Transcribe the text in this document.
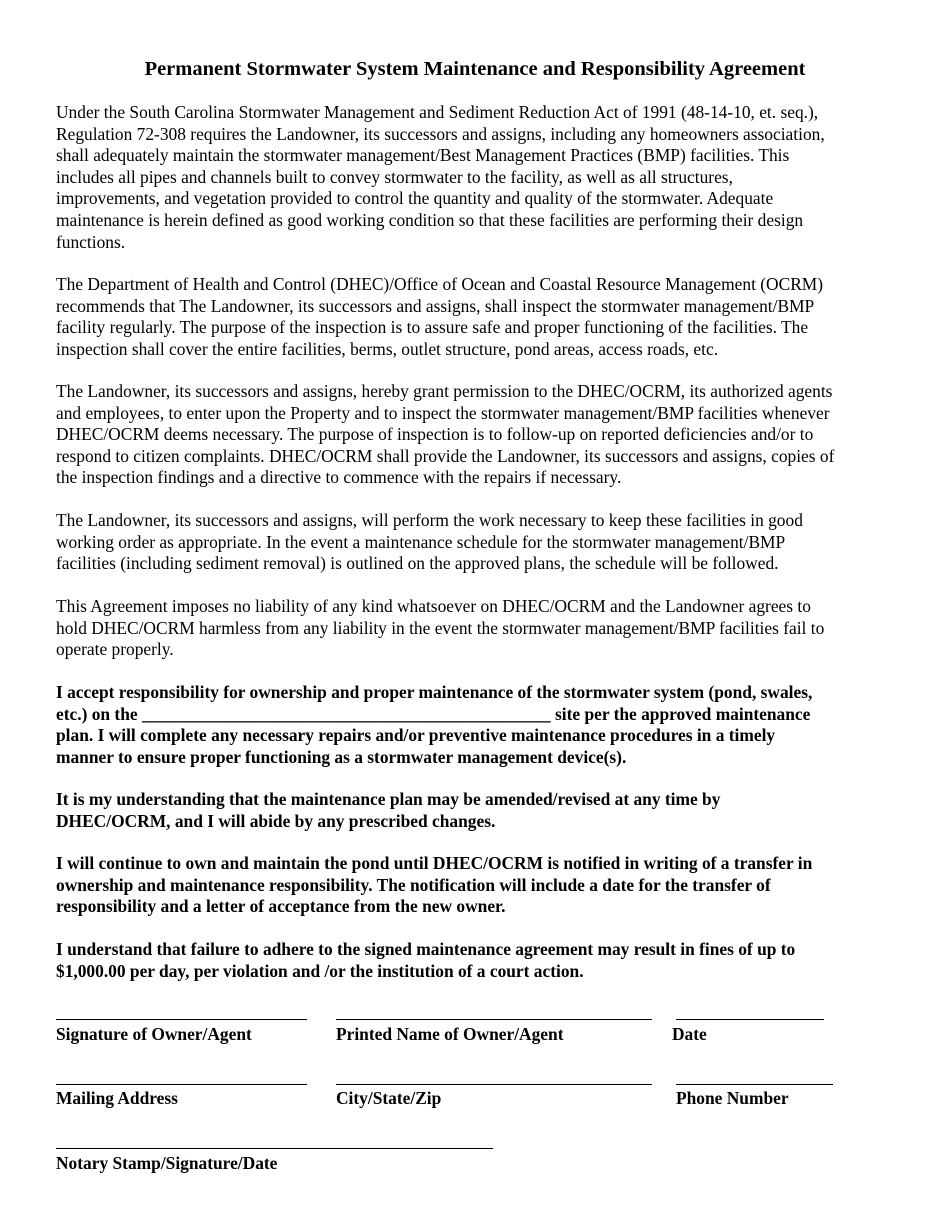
Permanent Stormwater System Maintenance and Responsibility Agreement

Under the South Carolina Stormwater Management and Sediment Reduction Act of 1991 (48-14-10, et. seq.),
Regulation 72-308 requires the Landowner, its successors and assigns, including any homeowners association,
shall adequately maintain the stormwater management/Best Management Practices (BMP) facilities. This
includes all pipes and channels built to convey stormwater to the facility, as well as all structures,
improvements, and vegetation provided to control the quantity and quality of the stormwater. Adequate
maintenance is herein defined as good working condition so that these facilities are performing their design
functions.

The Department of Health and Control (DHEC)/Office of Ocean and Coastal Resource Management (OCRM)
recommends that The Landowner, its successors and assigns, shall inspect the stormwater management/BMP
facility regularly. The purpose of the inspection is to assure safe and proper functioning of the facilities. The
inspection shall cover the entire facilities, berms, outlet structure, pond areas, access roads, etc.

The Landowner, its successors and assigns, hereby grant permission to the DHEC/OCRM, its authorized agents
and employees, to enter upon the Property and to inspect the stormwater management/BMP facilities whenever
DHEC/OCRM deems necessary. The purpose of inspection is to follow-up on reported deficiencies and/or to
respond to citizen complaints. DHEC/OCRM shall provide the Landowner, its successors and assigns, copies of
the inspection findings and a directive to commence with the repairs if necessary.

The Landowner, its successors and assigns, will perform the work necessary to keep these facilities in good
working order as appropriate. In the event a maintenance schedule for the stormwater management/BMP
facilities (including sediment removal) is outlined on the approved plans, the schedule will be followed.

This Agreement imposes no liability of any kind whatsoever on DHEC/OCRM and the Landowner agrees to
hold DHEC/OCRM harmless from any liability in the event the stormwater management/BMP facilities fail to
operate properly.

I accept responsibility for ownership and proper maintenance of the stormwater system (pond, swales,
etc.) on the _______________________________________________ site per the approved maintenance
plan. I will complete any necessary repairs and/or preventive maintenance procedures in a timely
manner to ensure proper functioning as a stormwater management device(s).

It is my understanding that the maintenance plan may be amended/revised at any time by
DHEC/OCRM, and I will abide by any prescribed changes.

I will continue to own and maintain the pond until DHEC/OCRM is notified in writing of a transfer in
ownership and maintenance responsibility. The notification will include a date for the transfer of
responsibility and a letter of acceptance from the new owner.

I understand that failure to adhere to the signed maintenance agreement may result in fines of up to
$1,000.00 per day, per violation and /or the institution of a court action.

Signature of Owner/Agent	Printed Name of Owner/Agent	Date
Mailing Address	City/State/Zip	Phone Number
Notary Stamp/Signature/Date
